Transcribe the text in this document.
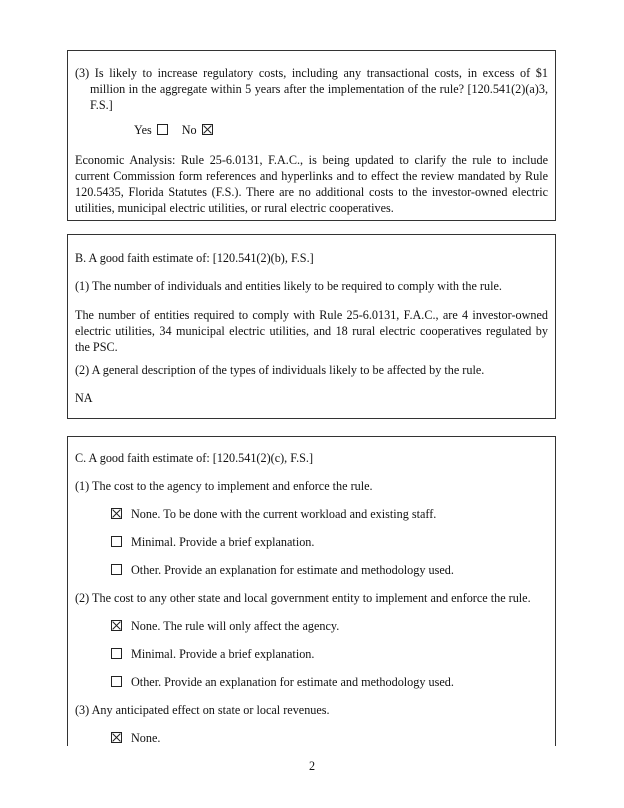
(3) Is likely to increase regulatory costs, including any transactional costs, in excess of $1 million in the aggregate within 5 years after the implementation of the rule? [120.541(2)(a)3, F.S.]

Yes No

Economic Analysis: Rule 25-6.0131, F.A.C., is being updated to clarify the rule to include current Commission form references and hyperlinks and to effect the review mandated by Rule 120.5435, Florida Statutes (F.S.). There are no additional costs to the investor-owned electric utilities, municipal electric utilities, or rural electric cooperatives.

B. A good faith estimate of: [120.541(2)(b), F.S.]

(1) The number of individuals and entities likely to be required to comply with the rule.

The number of entities required to comply with Rule 25-6.0131, F.A.C., are 4 investor-owned electric utilities, 34 municipal electric utilities, and 18 rural electric cooperatives regulated by the PSC.

(2) A general description of the types of individuals likely to be affected by the rule.

NA

C. A good faith estimate of: [120.541(2)(c), F.S.]

(1) The cost to the agency to implement and enforce the rule.

None. To be done with the current workload and existing staff.
Minimal. Provide a brief explanation.
Other. Provide an explanation for estimate and methodology used.

(2) The cost to any other state and local government entity to implement and enforce the rule.

None. The rule will only affect the agency.
Minimal. Provide a brief explanation.
Other. Provide an explanation for estimate and methodology used.

(3) Any anticipated effect on state or local revenues.

None.
2
